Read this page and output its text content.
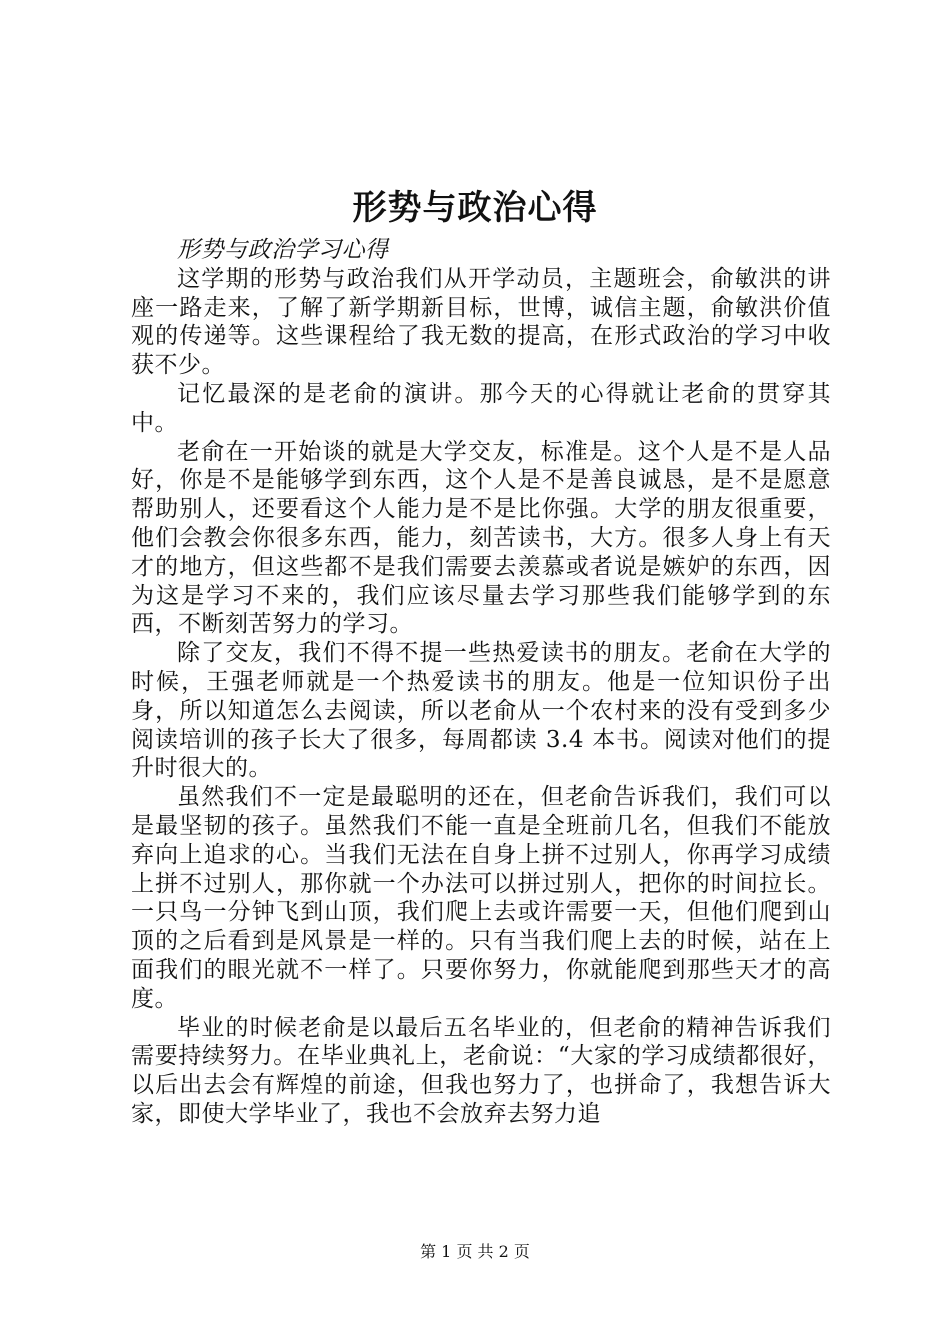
形势与政治心得

形势与政治学习心得

这学期的形势与政治我们从开学动员，主题班会，俞敏洪的讲座一路走来，了解了新学期新目标，世博，诚信主题，俞敏洪价值观的传递等。这些课程给了我无数的提高，在形式政治的学习中收获不少。

记忆最深的是老俞的演讲。那今天的心得就让老俞的贯穿其中。

老俞在一开始谈的就是大学交友，标准是。这个人是不是人品好，你是不是能够学到东西，这个人是不是善良诚恳，是不是愿意帮助别人，还要看这个人能力是不是比你强。大学的朋友很重要，他们会教会你很多东西，能力，刻苦读书，大方。很多人身上有天才的地方，但这些都不是我们需要去羡慕或者说是嫉妒的东西，因为这是学习不来的，我们应该尽量去学习那些我们能够学到的东西，不断刻苦努力的学习。

除了交友，我们不得不提一些热爱读书的朋友。老俞在大学的时候，王强老师就是一个热爱读书的朋友。他是一位知识份子出身，所以知道怎么去阅读，所以老俞从一个农村来的没有受到多少阅读培训的孩子长大了很多，每周都读 3.4 本书。阅读对他们的提升时很大的。

虽然我们不一定是最聪明的还在，但老俞告诉我们，我们可以是最坚韧的孩子。虽然我们不能一直是全班前几名，但我们不能放弃向上追求的心。当我们无法在自身上拼不过别人，你再学习成绩上拼不过别人，那你就一个办法可以拼过别人，把你的时间拉长。一只鸟一分钟飞到山顶，我们爬上去或许需要一天，但他们爬到山顶的之后看到是风景是一样的。只有当我们爬上去的时候，站在上面我们的眼光就不一样了。只要你努力，你就能爬到那些天才的高度。

毕业的时候老俞是以最后五名毕业的，但老俞的精神告诉我们需要持续努力。在毕业典礼上，老俞说：“大家的学习成绩都很好，以后出去会有辉煌的前途，但我也努力了，也拼命了，我想告诉大家，即使大学毕业了，我也不会放弃去努力追

第 1 页 共 2 页
